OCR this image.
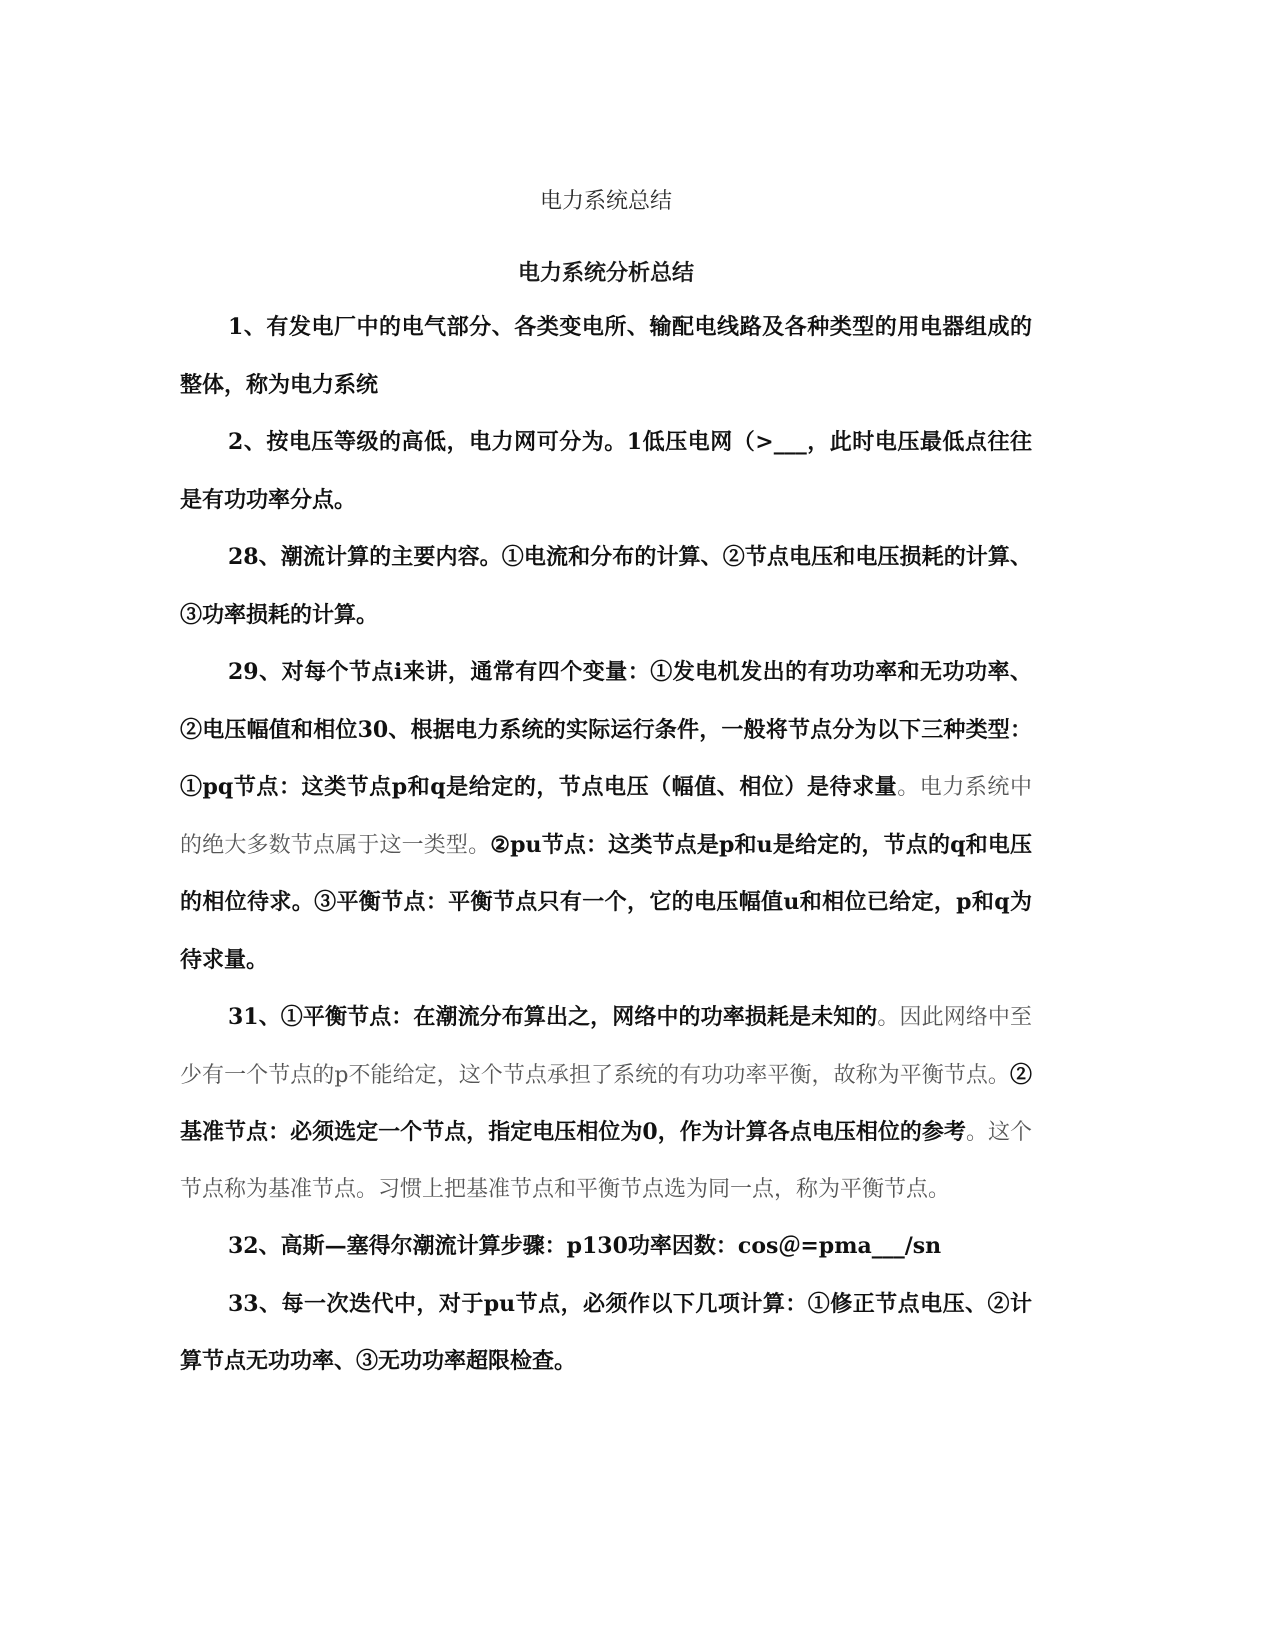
电力系统总结
电力系统分析总结

1、有发电厂中的电气部分、各类变电所、输配电线路及各种类型的用电器组成的整体，称为电力系统

2、按电压等级的高低，电力网可分为。1低压电网（>___，此时电压最低点往往是有功功率分点。

28、潮流计算的主要内容。①电流和分布的计算、②节点电压和电压损耗的计算、③功率损耗的计算。

29、对每个节点i来讲，通常有四个变量：①发电机发出的有功功率和无功功率、②电压幅值和相位30、根据电力系统的实际运行条件，一般将节点分为以下三种类型：①pq节点：这类节点p和q是给定的，节点电压（幅值、相位）是待求量。电力系统中的绝大多数节点属于这一类型。②pu节点：这类节点是p和u是给定的，节点的q和电压的相位待求。③平衡节点：平衡节点只有一个，它的电压幅值u和相位已给定，p和q为待求量。

31、①平衡节点：在潮流分布算出之，网络中的功率损耗是未知的。因此网络中至少有一个节点的p不能给定，这个节点承担了系统的有功功率平衡，故称为平衡节点。②基准节点：必须选定一个节点，指定电压相位为0，作为计算各点电压相位的参考。这个节点称为基准节点。习惯上把基准节点和平衡节点选为同一点，称为平衡节点。

32、高斯—塞得尔潮流计算步骤：p130功率因数：cos＠=pma___/sn

33、每一次迭代中，对于pu节点，必须作以下几项计算：①修正节点电压、②计算节点无功功率、③无功功率超限检查。
